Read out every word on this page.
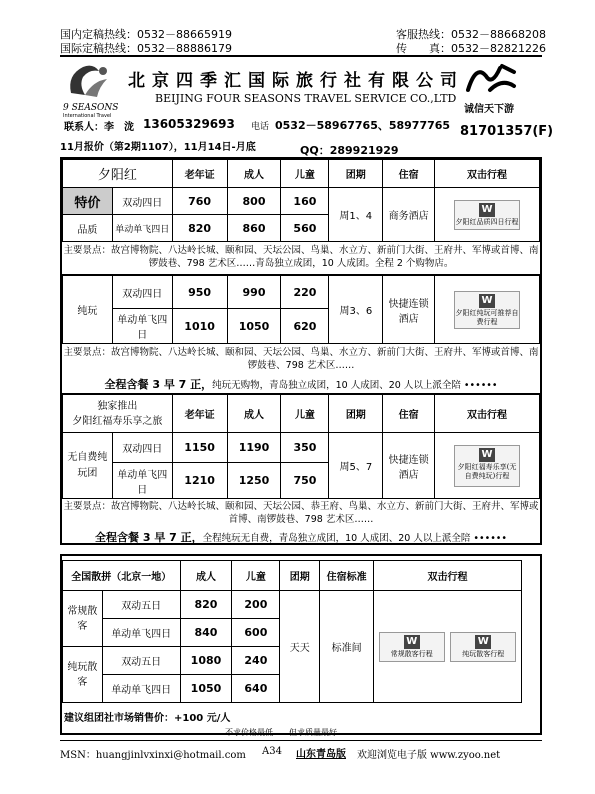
国内定稿热线：0532－88665919
国际定稿热线：0532－88886179
客服热线：0532－88668208
传　　真：0532－82821226
9 SEASONS
International Travel
北京四季汇国际旅行社有限公司
BEIJING FOUR SEASONS TRAVEL SERVICE CO.,LTD
诚信天下游
联系人：李　泷 13605329693 电话 0532－58967765、58977765 81701357(F)
11月报价（第2期1107），11月14日-月底	QQ：289921929
夕阳红		老年证	成人	儿童	团期	住宿	双击行程
特价	双动四日	760	800	160	周1、4	商务酒店	W
夕阳红品质四日行程

品质	单动单飞四日	820	860	560			
主要景点：故宫博物院、八达岭长城、颐和园、天坛公园、鸟巢、水立方、新前门大街、王府井、军博或首博、南锣鼓巷、798 艺术区……青岛独立成团，10 人成团。全程 2 个购物店。
纯玩	双动四日	950	990	220	周3、6	快捷连锁酒店	W
夕阳红纯玩可推荐自费行程

	单动单飞四日	1010	1050	620			
主要景点：故宫博物院、八达岭长城、颐和园、天坛公园、鸟巢、水立方、新前门大街、王府井、军博或首博、南锣鼓巷、798 艺术区……
全程含餐 3 早 7 正，纯玩无购物，青岛独立成团，10 人成团、20 人以上派全陪 ••••••
独家推出
夕阳红福寿乐享之旅		老年证	成人	儿童	团期	住宿	双击行程
无自费纯玩团	双动四日	1150	1190	350	周5、7	快捷连锁酒店	W
夕阳红福寿乐享(无自费纯玩)行程

	单动单飞四日	1210	1250	750			
主要景点：故宫博物院、八达岭长城、颐和园、天坛公园、恭王府、鸟巢、水立方、新前门大街、王府井、军博或首博、南锣鼓巷、798 艺术区……
全程含餐 3 早 7 正，全程纯玩无自费，青岛独立成团，10 人成团、20 人以上派全陪 ••••••
全国散拼（北京一地）		成人	儿童	团期	住宿标准	双击行程
常规散客	双动五日	820	200	天天	标准间	W
常规散客行程
W
纯玩散客行程

	单动单飞四日	840	600			
纯玩散客	双动五日	1080	240			
	单动单飞四日	1050	640			
建议组团社市场销售价：+100 元/人
不求价格最低　　但求质量最好
MSN：huangjinlvxinxi@hotmail.com A34 山东青岛版 欢迎浏览电子版 www.zyoo.net
